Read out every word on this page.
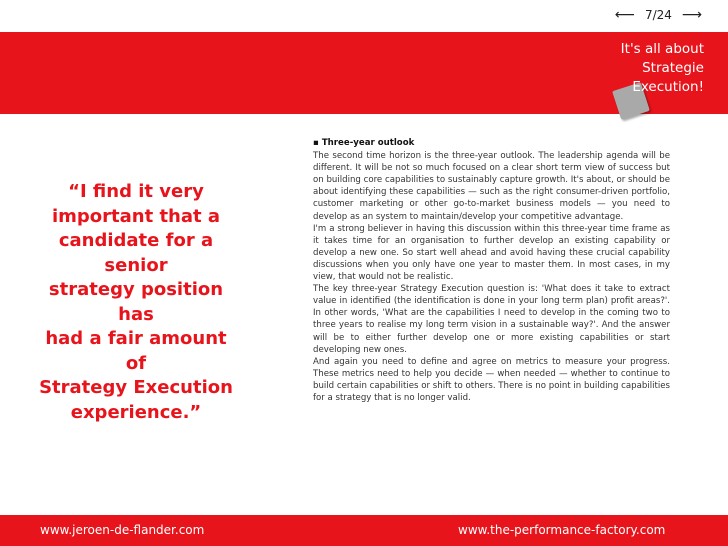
⟵ 7/24 ⟶
It's all about
Strategie
Execution!
“I find it very
important that a
candidate for a senior
strategy position has
had a fair amount of
Strategy Execution
experience.”
▪ Three-year outlook

The second time horizon is the three-year outlook. The leadership agenda will be different. It will be not so much focused on a clear short term view of success but on building core capabilities to sustainably capture growth. It's about, or should be about identifying these capabilities — such as the right consumer-driven portfolio, customer marketing or other go-to-market business models — you need to develop as an system to maintain/develop your competitive advantage.

I'm a strong believer in having this discussion within this three-year time frame as it takes time for an organisation to further develop an existing capability or develop a new one. So start well ahead and avoid having these crucial capability discussions when you only have one year to master them. In most cases, in my view, that would not be realistic.

The key three-year Strategy Execution question is: 'What does it take to extract value in identified (the identification is done in your long term plan) profit areas?'. In other words, 'What are the capabilities I need to develop in the coming two to three years to realise my long term vision in a sustainable way?'. And the answer will be to either further develop one or more existing capabilities or start developing new ones.

And again you need to define and agree on metrics to measure your progress. These metrics need to help you decide — when needed — whether to continue to build certain capabilities or shift to others. There is no point in building capabilities for a strategy that is no longer valid.

www.jeroen-de-flander.com	www.the-performance-factory.com
